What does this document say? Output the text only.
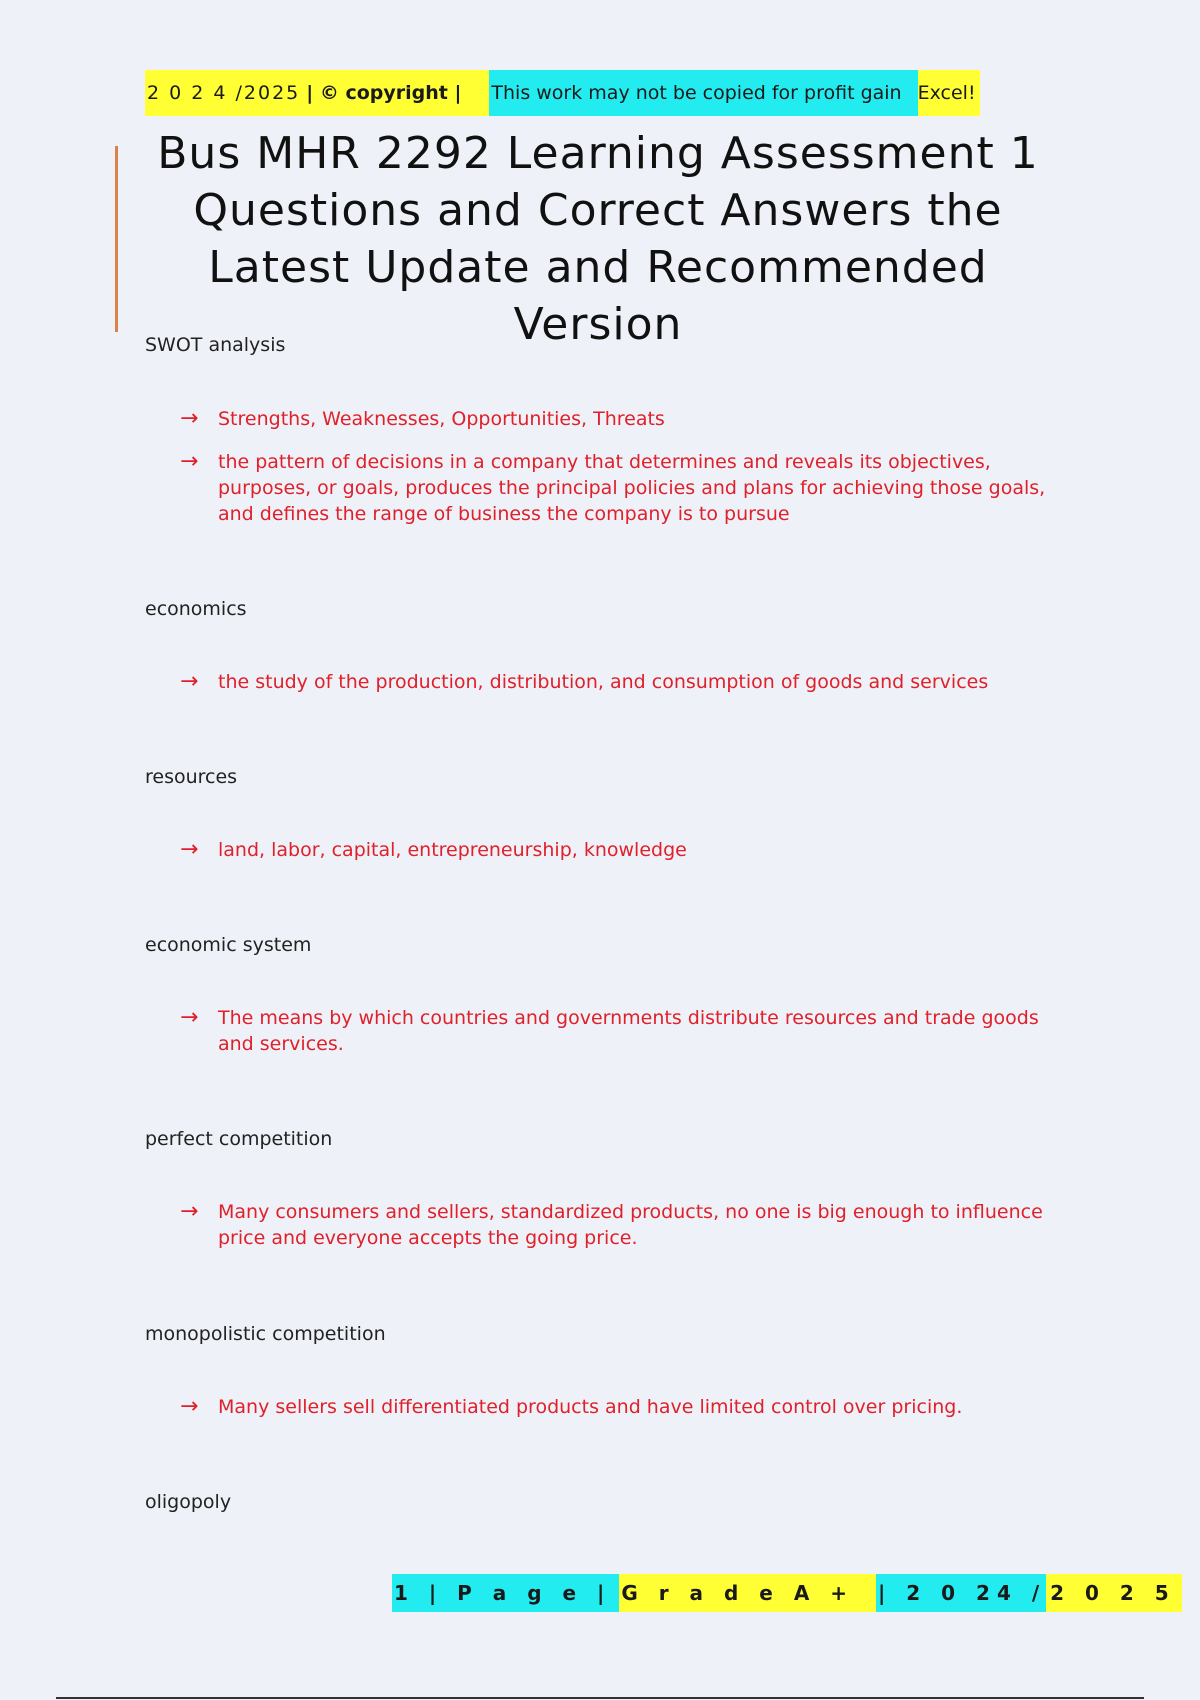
2 0 2 4 /2025 | © copyright |	This work may not be copied for profit gain Excel!
Bus MHR 2292 Learning Assessment 1 Questions and Correct Answers the Latest Update and Recommended Version
SWOT analysis
→	Strengths, Weaknesses, Opportunities, Threats
→	the pattern of decisions in a company that determines and reveals its objectives, purposes, or goals, produces the principal policies and plans for achieving those goals, and defines the range of business the company is to pursue
economics
→	the study of the production, distribution, and consumption of goods and services
resources
→	land, labor, capital, entrepreneurship, knowledge
economic system
→	The means by which countries and governments distribute resources and trade goods and services.
perfect competition
→	Many consumers and sellers, standardized products, no one is big enough to influence price and everyone accepts the going price.
monopolistic competition
→	Many sellers sell differentiated products and have limited control over pricing.
oligopoly
1 | P a g e | G r a d e A +	| 2 0 24 / 2 0 2 5
